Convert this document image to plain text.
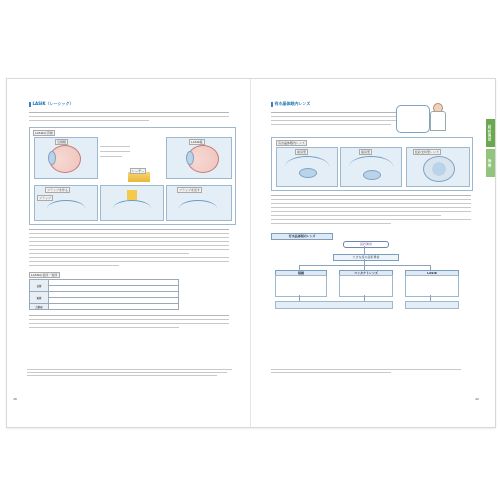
LASIK（レーシック）
LASIKの手順
近視眼	LASIK後
レーザー
フラップを作る
フラップ
フラップを戻す
LASIKの長所・短所
長所	

短所	

合併症	
48
有水晶体眼内レンズ
有水晶体眼内レンズ
前房型	後房型	虹彩支持型レンズ
有水晶体眼内レンズ
屈折異常
大きな度の屈折異常
眼鏡	コンタクトレンズ	LASIK
49
屈折異常
治療
